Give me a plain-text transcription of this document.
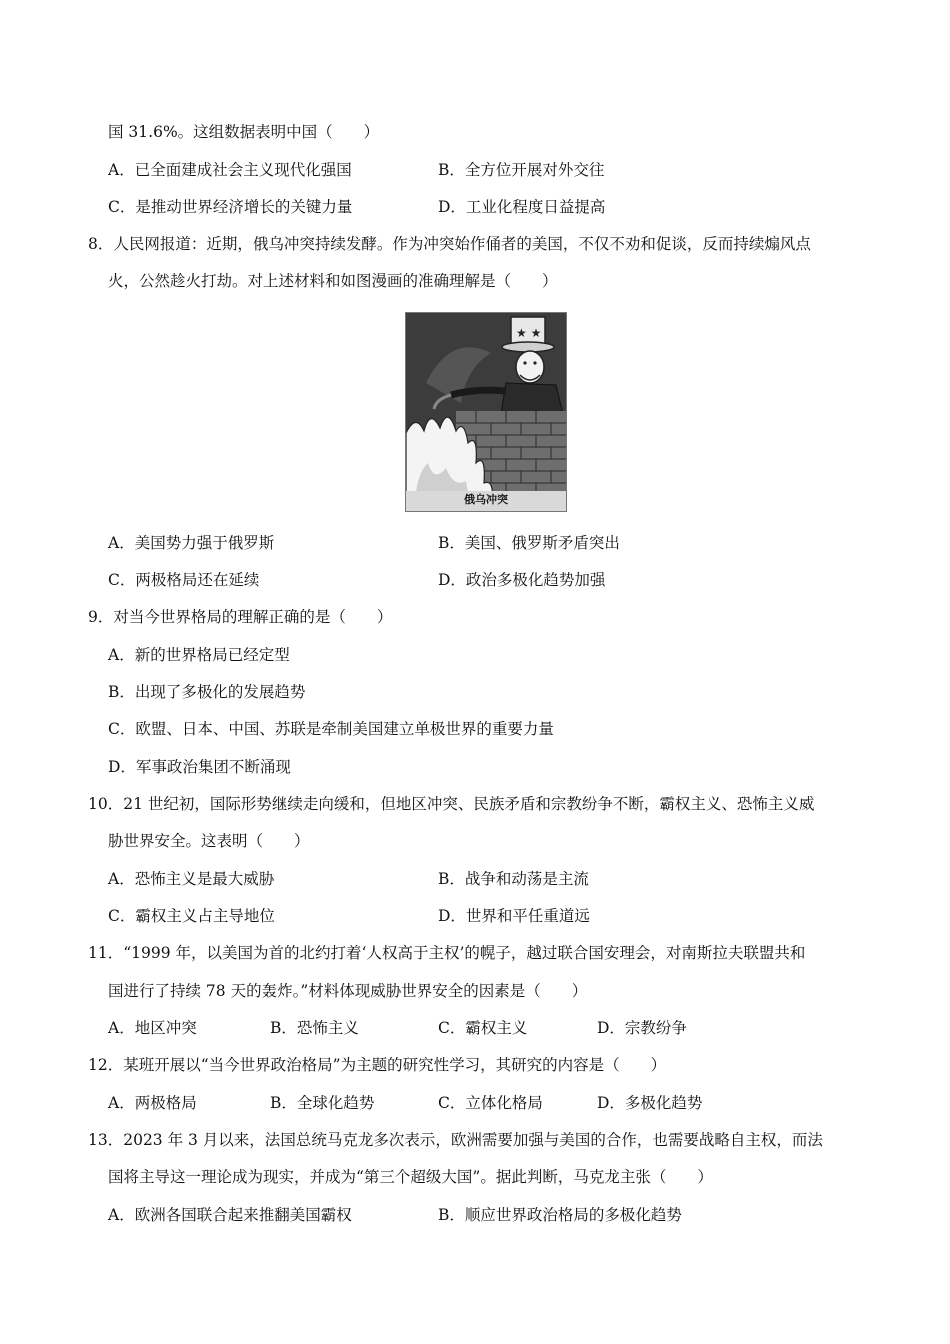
国 31.6%。这组数据表明中国（　　）
A．已全面建成社会主义现代化强国	B．全方位开展对外交往
C．是推动世界经济增长的关键力量	D．工业化程度日益提高
8．人民网报道：近期，俄乌冲突持续发酵。作为冲突始作俑者的美国，不仅不劝和促谈，反而持续煽风点
火，公然趁火打劫。对上述材料和如图漫画的准确理解是（　　）
★ ★
俄乌冲突
A．美国势力强于俄罗斯	B．美国、俄罗斯矛盾突出
C．两极格局还在延续	D．政治多极化趋势加强
9．对当今世界格局的理解正确的是（　　）
A．新的世界格局已经定型
B．出现了多极化的发展趋势
C．欧盟、日本、中国、苏联是牵制美国建立单极世界的重要力量
D．军事政治集团不断涌现
10．21 世纪初，国际形势继续走向缓和，但地区冲突、民族矛盾和宗教纷争不断，霸权主义、恐怖主义威
胁世界安全。这表明（　　）
A．恐怖主义是最大威胁	B．战争和动荡是主流
C．霸权主义占主导地位	D．世界和平任重道远
11．“1999 年，以美国为首的北约打着‘人权高于主权’的幌子，越过联合国安理会，对南斯拉夫联盟共和
国进行了持续 78 天的轰炸。”材料体现威胁世界安全的因素是（　　）
A．地区冲突	B．恐怖主义	C．霸权主义	D．宗教纷争
12．某班开展以“当今世界政治格局”为主题的研究性学习，其研究的内容是（　　）
A．两极格局	B．全球化趋势	C．立体化格局	D．多极化趋势
13．2023 年 3 月以来，法国总统马克龙多次表示，欧洲需要加强与美国的合作，也需要战略自主权，而法
国将主导这一理论成为现实，并成为“第三个超级大国”。据此判断，马克龙主张（　　）
A．欧洲各国联合起来推翻美国霸权	B．顺应世界政治格局的多极化趋势
